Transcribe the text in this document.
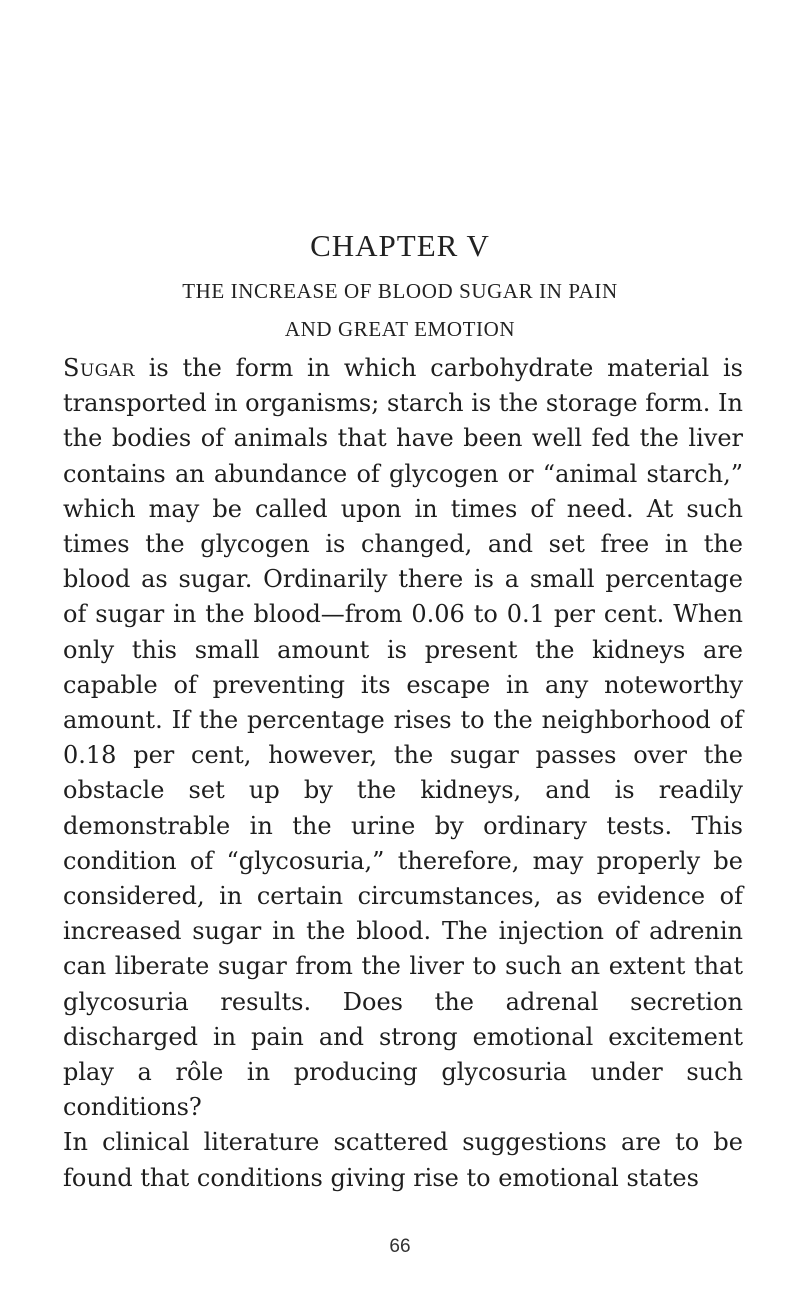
CHAPTER V
THE INCREASE OF BLOOD SUGAR IN PAIN
AND GREAT EMOTION

Sugar is the form in which carbohydrate material is transported in organisms; starch is the storage form. In the bodies of animals that have been well fed the liver contains an abundance of glycogen or “animal starch,” which may be called upon in times of need. At such times the glycogen is changed, and set free in the blood as sugar. Ordinarily there is a small percentage of sugar in the blood—from 0.06 to 0.1 per cent. When only this small amount is present the kidneys are capable of preventing its escape in any noteworthy amount. If the percentage rises to the neighborhood of 0.18 per cent, however, the sugar passes over the obstacle set up by the kidneys, and is readily demonstrable in the urine by ordinary tests. This condition of “glycosuria,” therefore, may properly be considered, in certain circumstances, as evidence of increased sugar in the blood. The injection of adrenin can liberate sugar from the liver to such an extent that glycosuria results. Does the adrenal secretion discharged in pain and strong emotional excitement play a rôle in producing glycosuria under such conditions?

In clinical literature scattered suggestions are to be found that conditions giving rise to emotional states

66
